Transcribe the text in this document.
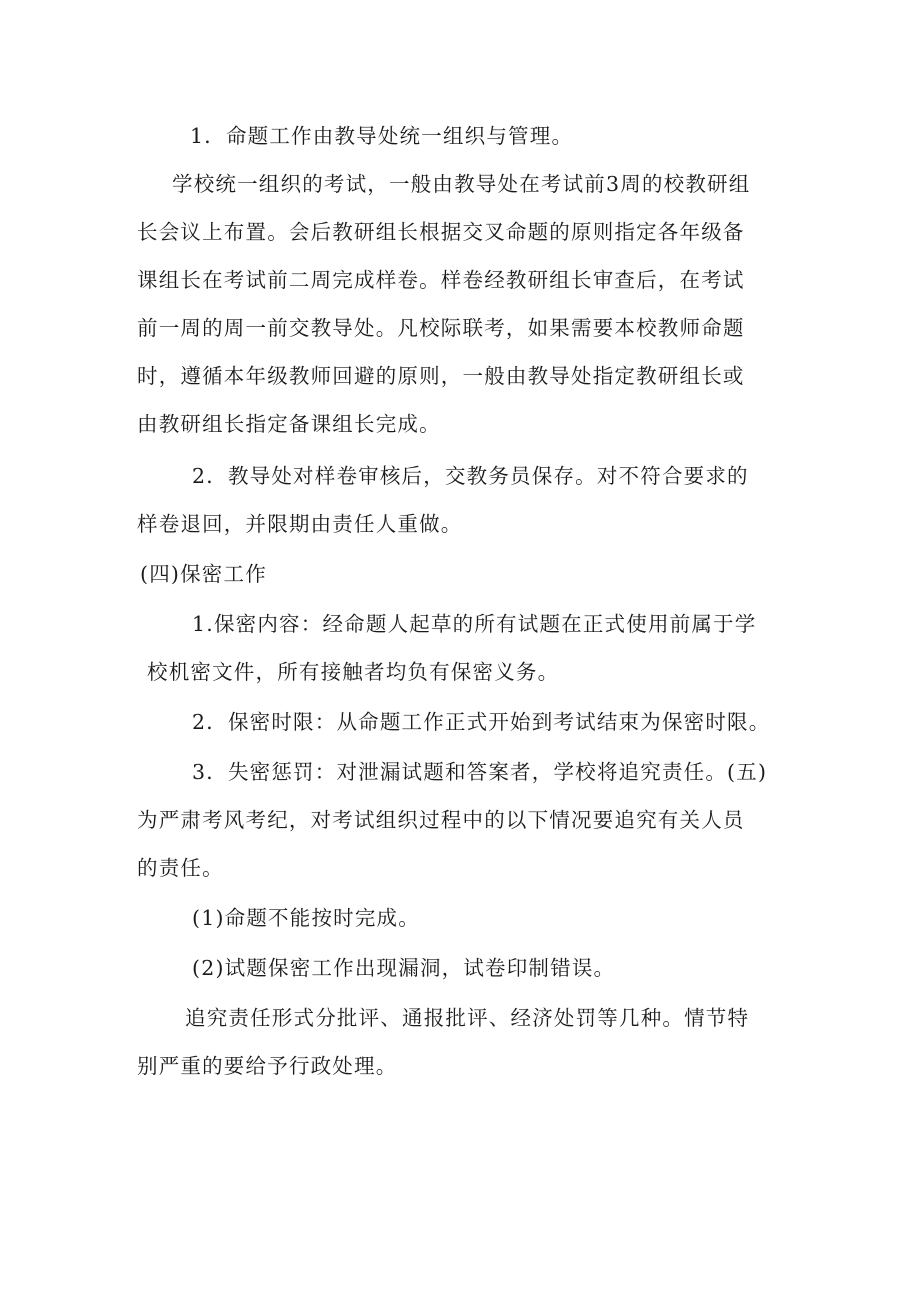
1．命题工作由教导处统一组织与管理。
学校统一组织的考试，一般由教导处在考试前3周的校教研组
长会议上布置。会后教研组长根据交叉命题的原则指定各年级备
课组长在考试前二周完成样卷。样卷经教研组长审查后，在考试
前一周的周一前交教导处。凡校际联考，如果需要本校教师命题
时，遵循本年级教师回避的原则，一般由教导处指定教研组长或
由教研组长指定备课组长完成。
2．教导处对样卷审核后，交教务员保存。对不符合要求的
样卷退回，并限期由责任人重做。
(四)保密工作
1.保密内容：经命题人起草的所有试题在正式使用前属于学
校机密文件，所有接触者均负有保密义务。
2．保密时限：从命题工作正式开始到考试结束为保密时限。
3．失密惩罚：对泄漏试题和答案者，学校将追究责任。(五)
为严肃考风考纪，对考试组织过程中的以下情况要追究有关人员
的责任。
(1)命题不能按时完成。
(2)试题保密工作出现漏洞，试卷印制错误。
追究责任形式分批评、通报批评、经济处罚等几种。情节特
别严重的要给予行政处理。
